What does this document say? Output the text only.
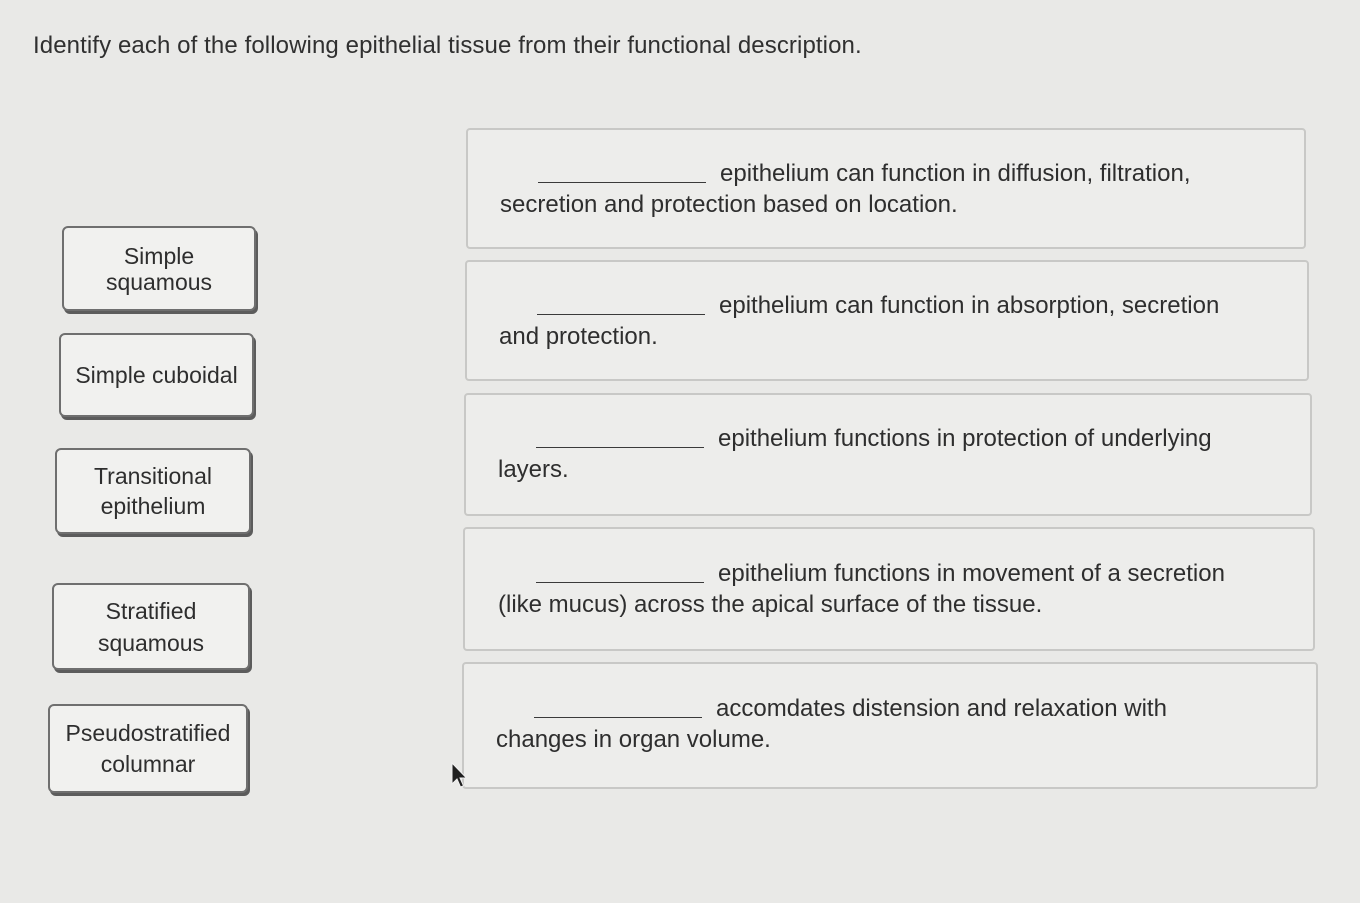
Identify each of the following epithelial tissue from their functional description.
Simple
squamous
Simple cuboidal
Transitional
epithelium
Stratified
squamous
Pseudostratified
columnar
epithelium can function in diffusion, filtration,
secretion and protection based on location.
epithelium can function in absorption, secretion
and protection.
epithelium functions in protection of underlying
layers.
epithelium functions in movement of a secretion
(like mucus) across the apical surface of the tissue.
accomdates distension and relaxation with
changes in organ volume.
